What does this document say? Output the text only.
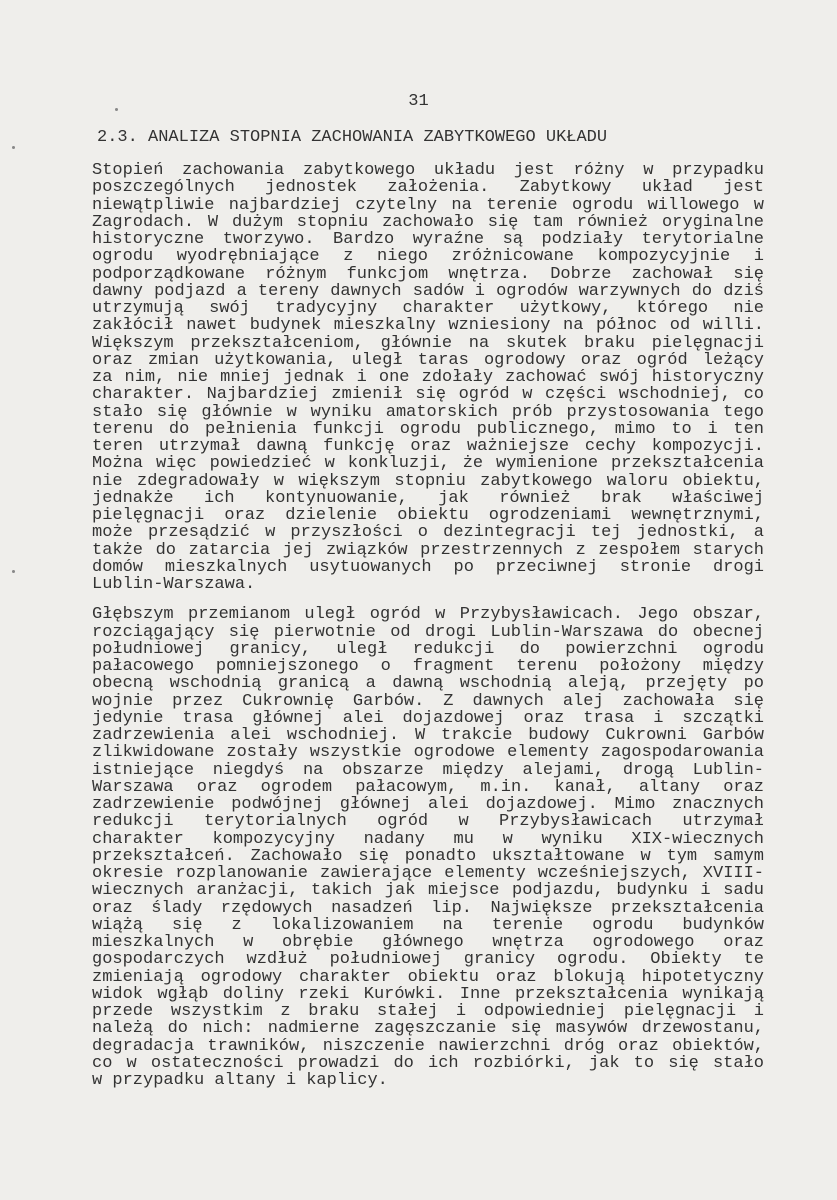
31
2.3. ANALIZA STOPNIA ZACHOWANIA ZABYTKOWEGO UKŁADU
Stopień zachowania zabytkowego układu jest różny w przypadku
poszczególnych jednostek założenia. Zabytkowy układ jest
niewątpliwie najbardziej czytelny na terenie ogrodu willowego w
Zagrodach. W dużym stopniu zachowało się tam również oryginalne
historyczne tworzywo. Bardzo wyraźne są podziały terytorialne
ogrodu wyodrębniające z niego zróżnicowane kompozycyjnie i
podporządkowane różnym funkcjom wnętrza. Dobrze zachował się
dawny podjazd a tereny dawnych sadów i ogrodów warzywnych do dziś
utrzymują swój tradycyjny charakter użytkowy, którego nie
zakłócił nawet budynek mieszkalny wzniesiony na północ od willi.
Większym przekształceniom, głównie na skutek braku pielęgnacji
oraz zmian użytkowania, uległ taras ogrodowy oraz ogród leżący
za nim, nie mniej jednak i one zdołały zachować swój historyczny
charakter. Najbardziej zmienił się ogród w części wschodniej, co
stało się głównie w wyniku amatorskich prób przystosowania tego
terenu do pełnienia funkcji ogrodu publicznego, mimo to i ten
teren utrzymał dawną funkcję oraz ważniejsze cechy kompozycji.
Można więc powiedzieć w konkluzji, że wymienione przekształcenia
nie zdegradowały w większym stopniu zabytkowego waloru obiektu,
jednakże ich kontynuowanie, jak również brak właściwej
pielęgnacji oraz dzielenie obiektu ogrodzeniami wewnętrznymi,
może przesądzić w przyszłości o dezintegracji tej jednostki, a
także do zatarcia jej związków przestrzennych z zespołem starych
domów mieszkalnych usytuowanych po przeciwnej stronie drogi
Lublin-Warszawa.
Głębszym przemianom uległ ogród w Przybysławicach. Jego obszar,
rozciągający się pierwotnie od drogi Lublin-Warszawa do obecnej
południowej granicy, uległ redukcji do powierzchni ogrodu
pałacowego pomniejszonego o fragment terenu położony między
obecną wschodnią granicą a dawną wschodnią aleją, przejęty po
wojnie przez Cukrownię Garbów. Z dawnych alej zachowała się
jedynie trasa głównej alei dojazdowej oraz trasa i szczątki
zadrzewienia alei wschodniej. W trakcie budowy Cukrowni Garbów
zlikwidowane zostały wszystkie ogrodowe elementy zagospodarowania
istniejące niegdyś na obszarze między alejami, drogą Lublin-
Warszawa oraz ogrodem pałacowym, m.in. kanał, altany oraz
zadrzewienie podwójnej głównej alei dojazdowej. Mimo znacznych
redukcji terytorialnych ogród w Przybysławicach utrzymał
charakter kompozycyjny nadany mu w wyniku XIX-wiecznych
przekształceń. Zachowało się ponadto ukształtowane w tym samym
okresie rozplanowanie zawierające elementy wcześniejszych, XVIII-
wiecznych aranżacji, takich jak miejsce podjazdu, budynku i sadu
oraz ślady rzędowych nasadzeń lip. Największe przekształcenia
wiążą się z lokalizowaniem na terenie ogrodu budynków
mieszkalnych w obrębie głównego wnętrza ogrodowego oraz
gospodarczych wzdłuż południowej granicy ogrodu. Obiekty te
zmieniają ogrodowy charakter obiektu oraz blokują hipotetyczny
widok wgłąb doliny rzeki Kurówki. Inne przekształcenia wynikają
przede wszystkim z braku stałej i odpowiedniej pielęgnacji i
należą do nich: nadmierne zagęszczanie się masywów drzewostanu,
degradacja trawników, niszczenie nawierzchni dróg oraz obiektów,
co w ostateczności prowadzi do ich rozbiórki, jak to się stało
w przypadku altany i kaplicy.
